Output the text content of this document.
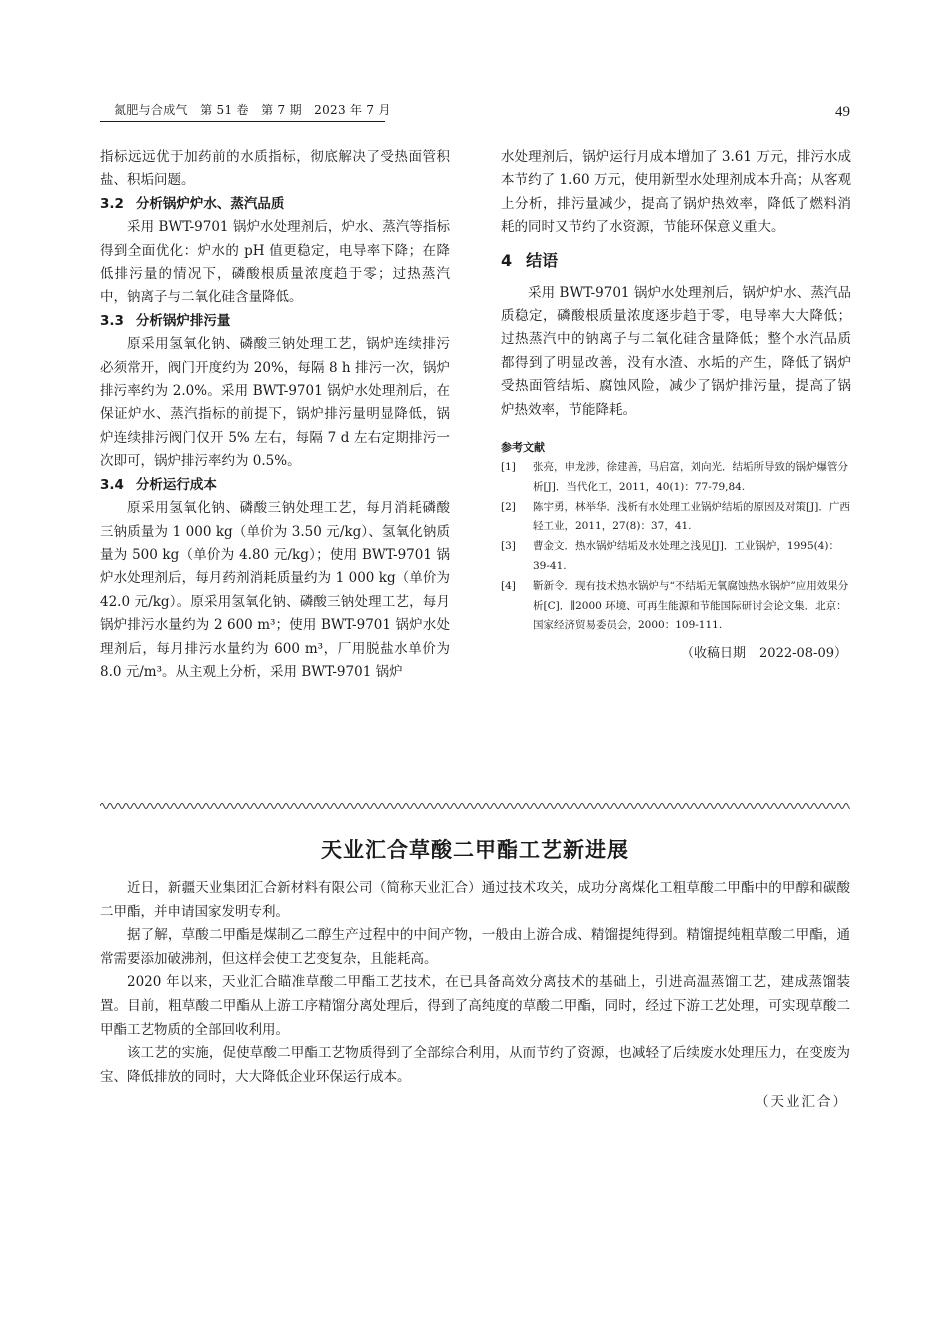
氮肥与合成气　第 51 卷　第 7 期　2023 年 7 月	49

指标远远优于加药前的水质指标，彻底解决了受热面管积盐、积垢问题。

3.2 分析锅炉炉水、蒸汽品质

采用 BWT-9701 锅炉水处理剂后，炉水、蒸汽等指标得到全面优化：炉水的 pH 值更稳定，电导率下降；在降低排污量的情况下，磷酸根质量浓度趋于零；过热蒸汽中，钠离子与二氧化硅含量降低。

3.3 分析锅炉排污量

原采用氢氧化钠、磷酸三钠处理工艺，锅炉连续排污必须常开，阀门开度约为 20%，每隔 8 h 排污一次，锅炉排污率约为 2.0%。采用 BWT-9701 锅炉水处理剂后，在保证炉水、蒸汽指标的前提下，锅炉排污量明显降低，锅炉连续排污阀门仅开 5% 左右，每隔 7 d 左右定期排污一次即可，锅炉排污率约为 0.5%。

3.4 分析运行成本

原采用氢氧化钠、磷酸三钠处理工艺，每月消耗磷酸三钠质量为 1 000 kg（单价为 3.50 元/kg）、氢氧化钠质量为 500 kg（单价为 4.80 元/kg）；使用 BWT-9701 锅炉水处理剂后，每月药剂消耗质量约为 1 000 kg（单价为 42.0 元/kg）。原采用氢氧化钠、磷酸三钠处理工艺，每月锅炉排污水量约为 2 600 m³；使用 BWT-9701 锅炉水处理剂后，每月排污水量约为 600 m³，厂用脱盐水单价为 8.0 元/m³。从主观上分析，采用 BWT-9701 锅炉

水处理剂后，锅炉运行月成本增加了 3.61 万元，排污水成本节约了 1.60 万元，使用新型水处理剂成本升高；从客观上分析，排污量减少，提高了锅炉热效率，降低了燃料消耗的同时又节约了水资源，节能环保意义重大。

4 结语

采用 BWT-9701 锅炉水处理剂后，锅炉炉水、蒸汽品质稳定，磷酸根质量浓度逐步趋于零，电导率大大降低；过热蒸汽中的钠离子与二氧化硅含量降低；整个水汽品质都得到了明显改善，没有水渣、水垢的产生，降低了锅炉受热面管结垢、腐蚀风险，减少了锅炉排污量，提高了锅炉热效率，节能降耗。

参考文献
[1]	张亮，申龙涉，徐建善，马启富，刘向光．结垢所导致的锅炉爆管分析[J]．当代化工，2011，40(1)：77-79,84.
[2]	陈宇勇，林举华．浅析有水处理工业锅炉结垢的原因及对策[J]．广西轻工业，2011，27(8)：37，41.
[3]	曹金文．热水锅炉结垢及水处理之浅见[J]．工业锅炉，1995(4)：39-41.
[4]	靳新令．现有技术热水锅炉与“不结垢无氧腐蚀热水锅炉”应用效果分析[C]．∥2000 环境、可再生能源和节能国际研讨会论文集．北京：国家经济贸易委员会，2000：109-111.
（收稿日期　2022-08-09）
天业汇合草酸二甲酯工艺新进展

近日，新疆天业集团汇合新材料有限公司（简称天业汇合）通过技术攻关，成功分离煤化工粗草酸二甲酯中的甲醇和碳酸二甲酯，并申请国家发明专利。

据了解，草酸二甲酯是煤制乙二醇生产过程中的中间产物，一般由上游合成、精馏提纯得到。精馏提纯粗草酸二甲酯，通常需要添加破沸剂，但这样会使工艺变复杂，且能耗高。

2020 年以来，天业汇合瞄准草酸二甲酯工艺技术，在已具备高效分离技术的基础上，引进高温蒸馏工艺，建成蒸馏装置。目前，粗草酸二甲酯从上游工序精馏分离处理后，得到了高纯度的草酸二甲酯，同时，经过下游工艺处理，可实现草酸二甲酯工艺物质的全部回收利用。

该工艺的实施，促使草酸二甲酯工艺物质得到了全部综合利用，从而节约了资源，也减轻了后续废水处理压力，在变废为宝、降低排放的同时，大大降低企业环保运行成本。

（天业汇合）
